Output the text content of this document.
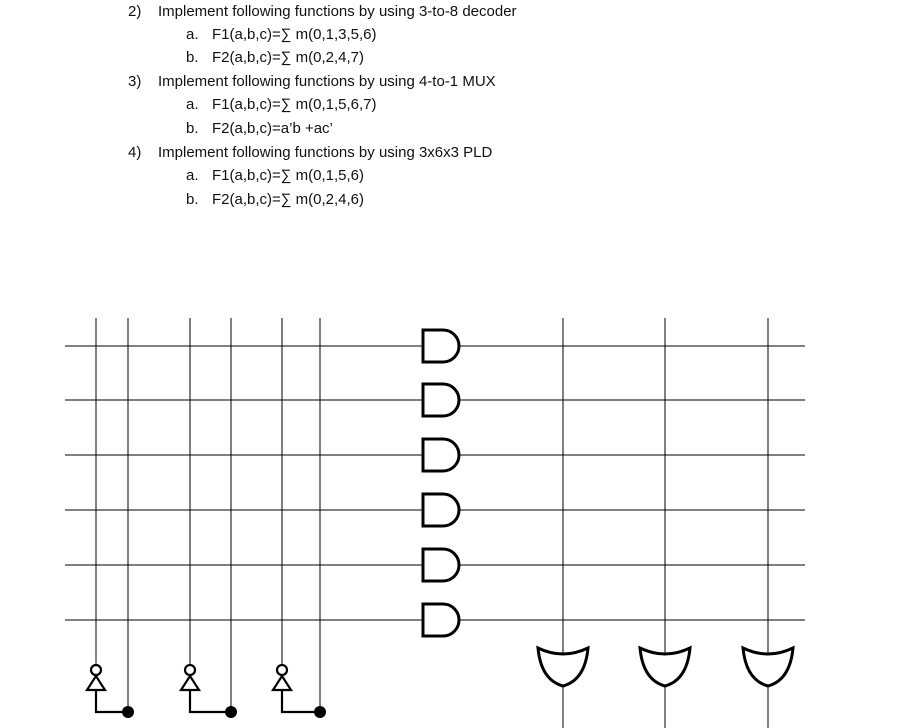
2) Implement following functions by using 3-to-8 decoder
a. F1(a,b,c)=∑ m(0,1,3,5,6)
b. F2(a,b,c)=∑ m(0,2,4,7)
3) Implement following functions by using 4-to-1 MUX
a. F1(a,b,c)=∑ m(0,1,5,6,7)
b. F2(a,b,c)=a’b +ac’
4) Implement following functions by using 3x6x3 PLD
a. F1(a,b,c)=∑ m(0,1,5,6)
b. F2(a,b,c)=∑ m(0,2,4,6)
